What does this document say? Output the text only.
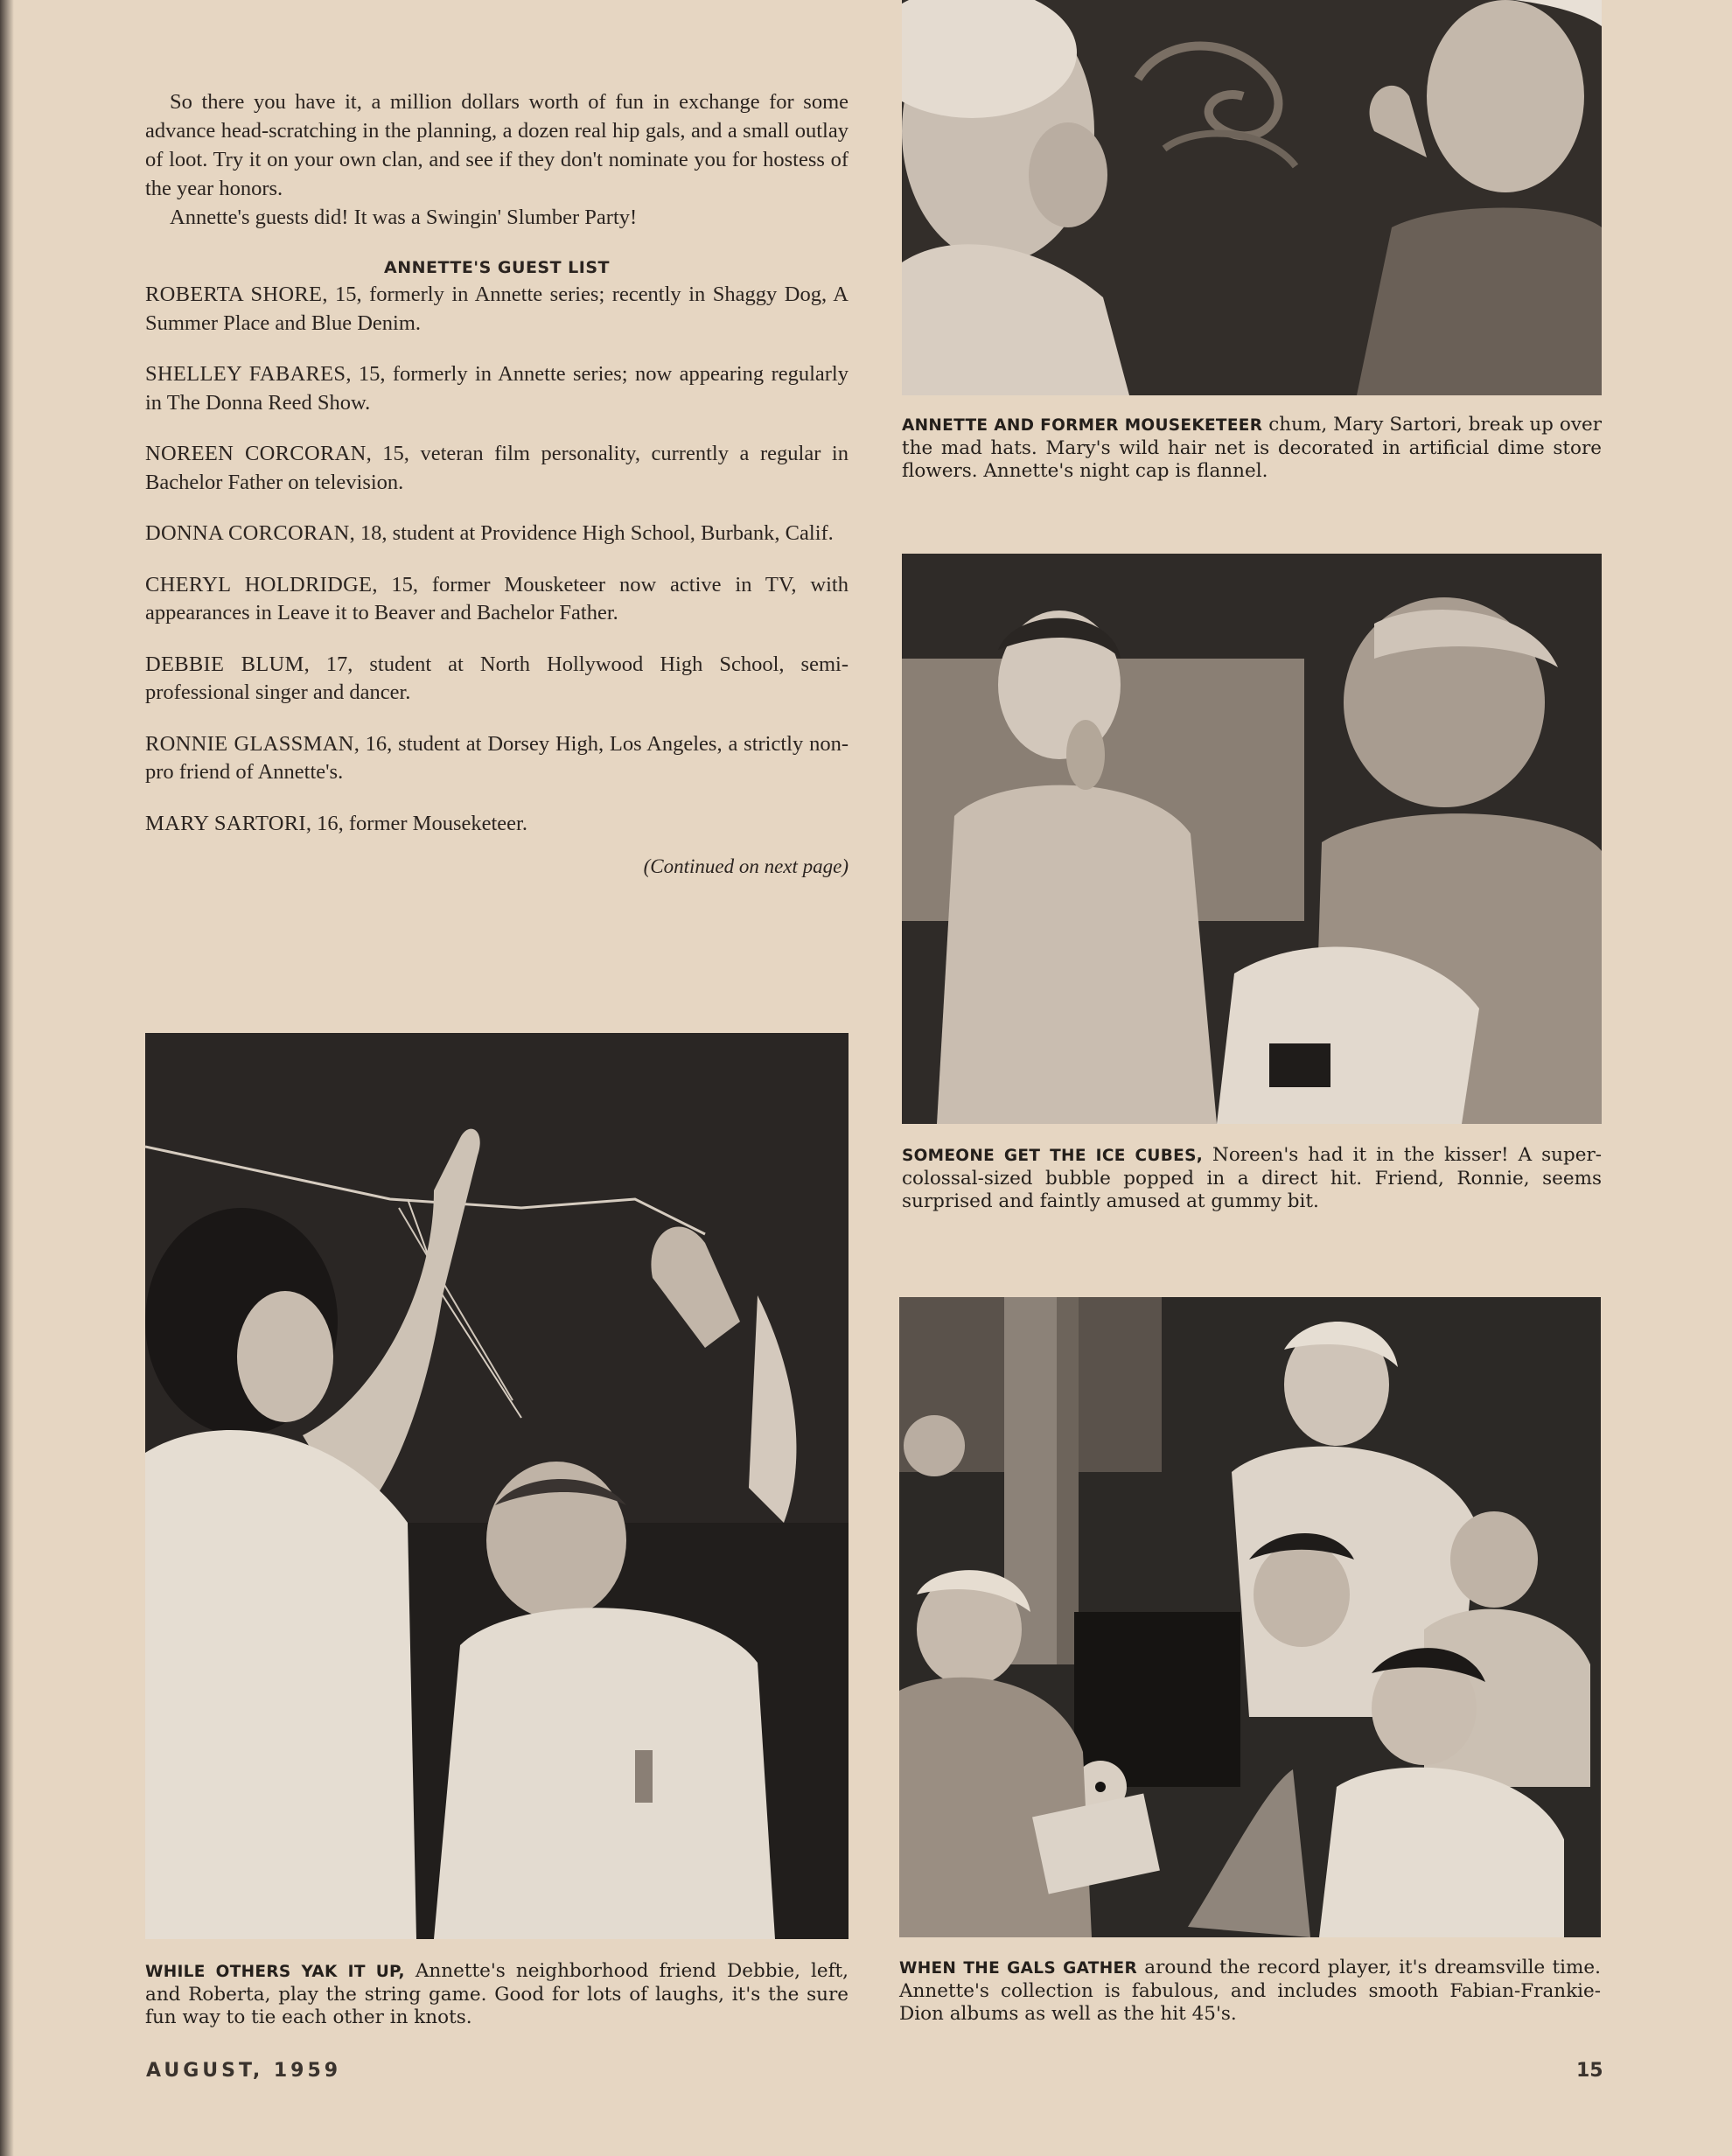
So there you have it, a million dollars worth of fun in exchange for some advance head-scratching in the planning, a dozen real hip gals, and a small outlay of loot. Try it on your own clan, and see if they don't nominate you for hostess of the year honors.

Annette's guests did! It was a Swingin' Slumber Party!

ANNETTE'S GUEST LIST

ROBERTA SHORE, 15, formerly in Annette series; recently in Shaggy Dog, A Summer Place and Blue Denim.

SHELLEY FABARES, 15, formerly in Annette series; now appearing regularly in The Donna Reed Show.

NOREEN CORCORAN, 15, veteran film personality, currently a regular in Bachelor Father on television.

DONNA CORCORAN, 18, student at Providence High School, Burbank, Calif.

CHERYL HOLDRIDGE, 15, former Mousketeer now active in TV, with appearances in Leave it to Beaver and Bachelor Father.

DEBBIE BLUM, 17, student at North Hollywood High School, semi-professional singer and dancer.

RONNIE GLASSMAN, 16, student at Dorsey High, Los Angeles, a strictly non-pro friend of Annette's.

MARY SARTORI, 16, former Mouseketeer.

(Continued on next page)
ANNETTE AND FORMER MOUSEKETEER chum, Mary Sartori, break up over the mad hats. Mary's wild hair net is decorated in artificial dime store flowers. Annette's night cap is flannel.
SOMEONE GET THE ICE CUBES, Noreen's had it in the kisser! A super-colossal-sized bubble popped in a direct hit. Friend, Ronnie, seems surprised and faintly amused at gummy bit.
WHILE OTHERS YAK IT UP, Annette's neighborhood friend Debbie, left, and Roberta, play the string game. Good for lots of laughs, it's the sure fun way to tie each other in knots.
WHEN THE GALS GATHER around the record player, it's dreamsville time. Annette's collection is fabulous, and includes smooth Fabian-Frankie-Dion albums as well as the hit 45's.
AUGUST, 1959	15
